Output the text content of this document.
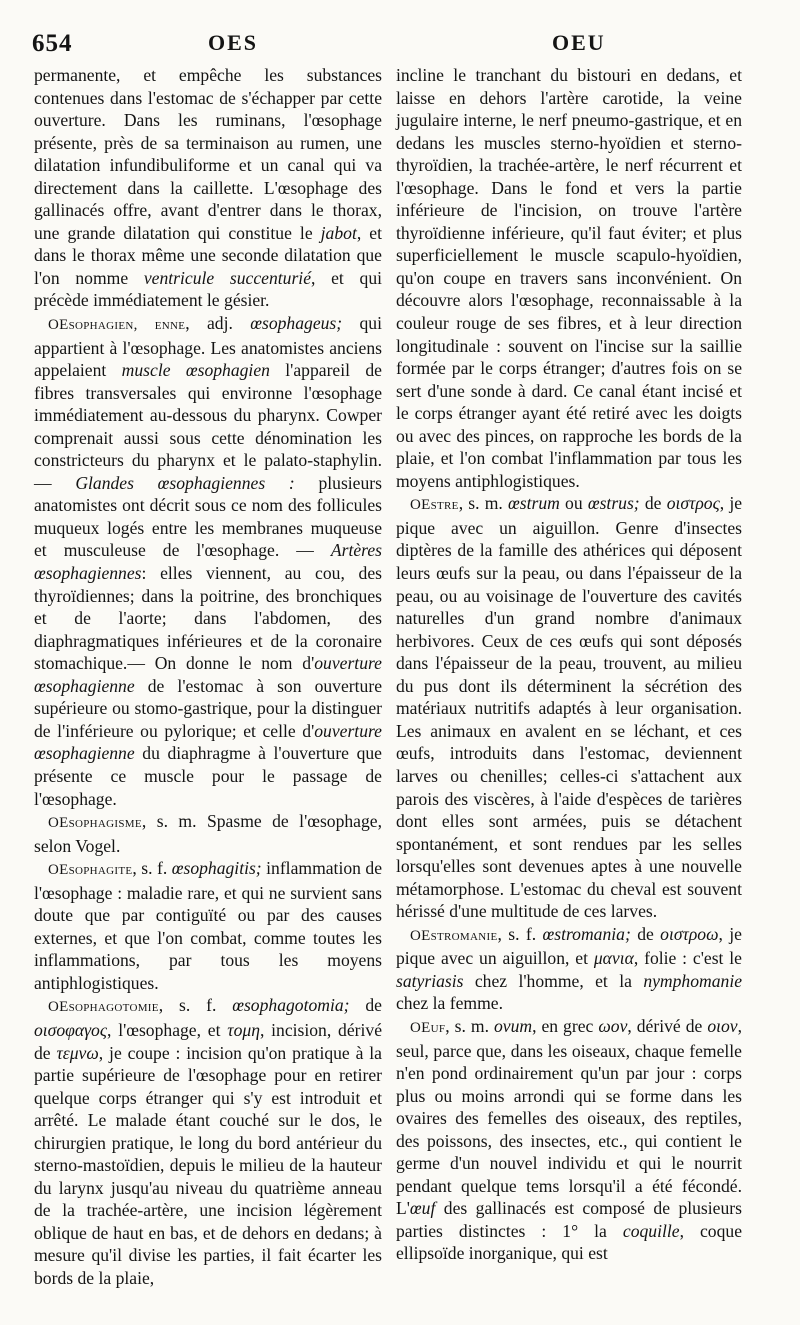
654	OES	OEU

permanente, et empêche les substances contenues dans l'estomac de s'échapper par cette ouverture. Dans les ruminans, l'œsophage présente, près de sa terminaison au rumen, une dilatation infundibuliforme et un canal qui va directement dans la caillette. L'œsophage des gallinacés offre, avant d'entrer dans le thorax, une grande dilatation qui constitue le jabot, et dans le thorax même une seconde dilatation que l'on nomme ventricule succenturié, et qui précède immédiatement le gésier.

OEsophagien, enne, adj. œsophageus; qui appartient à l'œsophage. Les anatomistes anciens appelaient muscle œsophagien l'appareil de fibres transversales qui environne l'œsophage immédiatement au-dessous du pharynx. Cowper comprenait aussi sous cette dénomination les constricteurs du pharynx et le palato-staphylin. — Glandes œsophagiennes : plusieurs anatomistes ont décrit sous ce nom des follicules muqueux logés entre les membranes muqueuse et musculeuse de l'œsophage. — Artères œsophagiennes: elles viennent, au cou, des thyroïdiennes; dans la poitrine, des bronchiques et de l'aorte; dans l'abdomen, des diaphragmatiques inférieures et de la coronaire stomachique.— On donne le nom d'ouverture œsophagienne de l'estomac à son ouverture supérieure ou stomo-gastrique, pour la distinguer de l'inférieure ou pylorique; et celle d'ouverture œsophagienne du diaphragme à l'ouverture que présente ce muscle pour le passage de l'œsophage.

OEsophagisme, s. m. Spasme de l'œsophage, selon Vogel.

OEsophagite, s. f. œsophagitis; inflammation de l'œsophage : maladie rare, et qui ne survient sans doute que par contiguïté ou par des causes externes, et que l'on combat, comme toutes les inflammations, par tous les moyens antiphlogistiques.

OEsophagotomie, s. f. œsophagotomia; de οισοφαγος, l'œsophage, et τομη, incision, dérivé de τεμνω, je coupe : incision qu'on pratique à la partie supérieure de l'œsophage pour en retirer quelque corps étranger qui s'y est introduit et arrêté. Le malade étant couché sur le dos, le chirurgien pratique, le long du bord antérieur du sterno-mastoïdien, depuis le milieu de la hauteur du larynx jusqu'au niveau du quatrième anneau de la trachée-artère, une incision légèrement oblique de haut en bas, et de dehors en dedans; à mesure qu'il divise les parties, il fait écarter les bords de la plaie,

incline le tranchant du bistouri en dedans, et laisse en dehors l'artère carotide, la veine jugulaire interne, le nerf pneumo-gastrique, et en dedans les muscles sterno-hyoïdien et sterno-thyroïdien, la trachée-artère, le nerf récurrent et l'œsophage. Dans le fond et vers la partie inférieure de l'incision, on trouve l'artère thyroïdienne inférieure, qu'il faut éviter; et plus superficiellement le muscle scapulo-hyoïdien, qu'on coupe en travers sans inconvénient. On découvre alors l'œsophage, reconnaissable à la couleur rouge de ses fibres, et à leur direction longitudinale : souvent on l'incise sur la saillie formée par le corps étranger; d'autres fois on se sert d'une sonde à dard. Ce canal étant incisé et le corps étranger ayant été retiré avec les doigts ou avec des pinces, on rapproche les bords de la plaie, et l'on combat l'inflammation par tous les moyens antiphlogistiques.

OEstre, s. m. œstrum ou œstrus; de οιστρος, je pique avec un aiguillon. Genre d'insectes diptères de la famille des athérices qui déposent leurs œufs sur la peau, ou dans l'épaisseur de la peau, ou au voisinage de l'ouverture des cavités naturelles d'un grand nombre d'animaux herbivores. Ceux de ces œufs qui sont déposés dans l'épaisseur de la peau, trouvent, au milieu du pus dont ils déterminent la sécrétion des matériaux nutritifs adaptés à leur organisation. Les animaux en avalent en se léchant, et ces œufs, introduits dans l'estomac, deviennent larves ou chenilles; celles-ci s'attachent aux parois des viscères, à l'aide d'espèces de tarières dont elles sont armées, puis se détachent spontanément, et sont rendues par les selles lorsqu'elles sont devenues aptes à une nouvelle métamorphose. L'estomac du cheval est souvent hérissé d'une multitude de ces larves.

OEstromanie, s. f. œstromania; de οιστροω, je pique avec un aiguillon, et μανια, folie : c'est le satyriasis chez l'homme, et la nymphomanie chez la femme.

OEuf, s. m. ovum, en grec ωον, dérivé de οιον, seul, parce que, dans les oiseaux, chaque femelle n'en pond ordinairement qu'un par jour : corps plus ou moins arrondi qui se forme dans les ovaires des femelles des oiseaux, des reptiles, des poissons, des insectes, etc., qui contient le germe d'un nouvel individu et qui le nourrit pendant quelque tems lorsqu'il a été fécondé. L'œuf des gallinacés est composé de plusieurs parties distinctes : 1° la coquille, coque ellipsoïde inorganique, qui est
